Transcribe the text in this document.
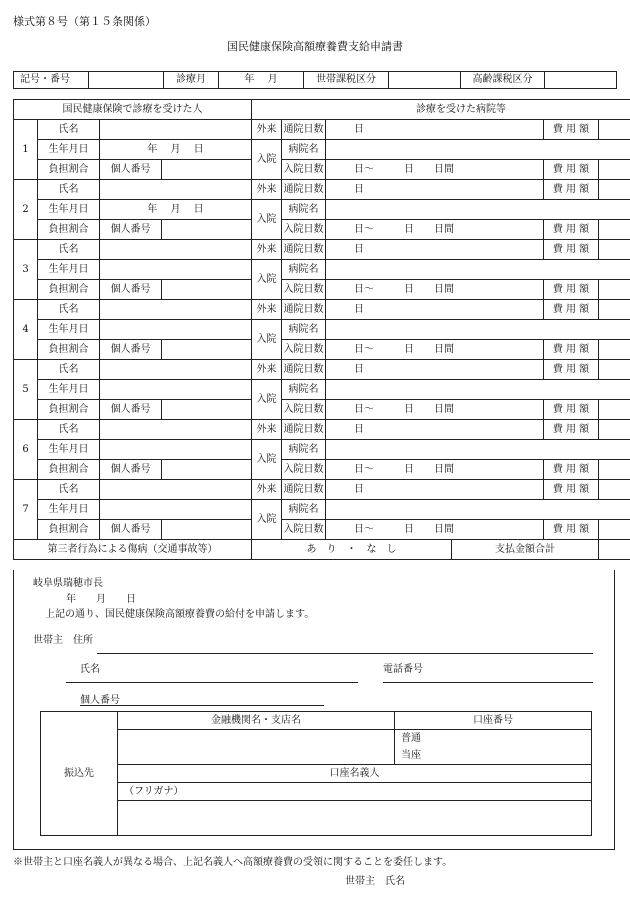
様式第８号（第１５条関係）
国民健康保険高額療養費支給申請書
記号・番号		診療月	年　 月	世帯課税区分		高齢課税区分	
国民健康保険で診療を受けた人				診療を受けた病院等					
1	氏名			外来	通院日数	日		費 用 額	
	生年月日	年　 月　 日		入院	病院名				
	負担割合	個人番号			入院日数	日～　　　日　　日間		費 用 額	
2	氏名			外来	通院日数	日		費 用 額	
	生年月日	年　 月　 日		入院	病院名				
	負担割合	個人番号			入院日数	日～　　　日　　日間		費 用 額	
3	氏名			外来	通院日数	日		費 用 額	
	生年月日			入院	病院名				
	負担割合	個人番号			入院日数	日～　　　日　　日間		費 用 額	
4	氏名			外来	通院日数	日		費 用 額	
	生年月日			入院	病院名				
	負担割合	個人番号			入院日数	日～　　　日　　日間		費 用 額	
5	氏名			外来	通院日数	日		費 用 額	
	生年月日			入院	病院名				
	負担割合	個人番号			入院日数	日～　　　日　　日間		費 用 額	
6	氏名			外来	通院日数	日		費 用 額	
	生年月日			入院	病院名				
	負担割合	個人番号			入院日数	日～　　　日　　日間		費 用 額	
7	氏名			外来	通院日数	日		費 用 額	
	生年月日			入院	病院名				
	負担割合	個人番号			入院日数	日～　　　日　　日間		費 用 額	
第三者行為による傷病（交通事故等）				あ　り　・　な　し			支払金額合計		
岐阜県瑞穂市長
年　　月　　日
上記の通り、国民健康保険高額療養費の給付を申請します。
世帯主　住所
氏名	電話番号
個人番号
振込先	金融機関名・支店名	口座番号
		普通
		当座
	口座名義人	
	（フリガナ）	

※世帯主と口座名義人が異なる場合、上記名義人へ高額療養費の受領に関することを委任します。
世帯主　氏名
